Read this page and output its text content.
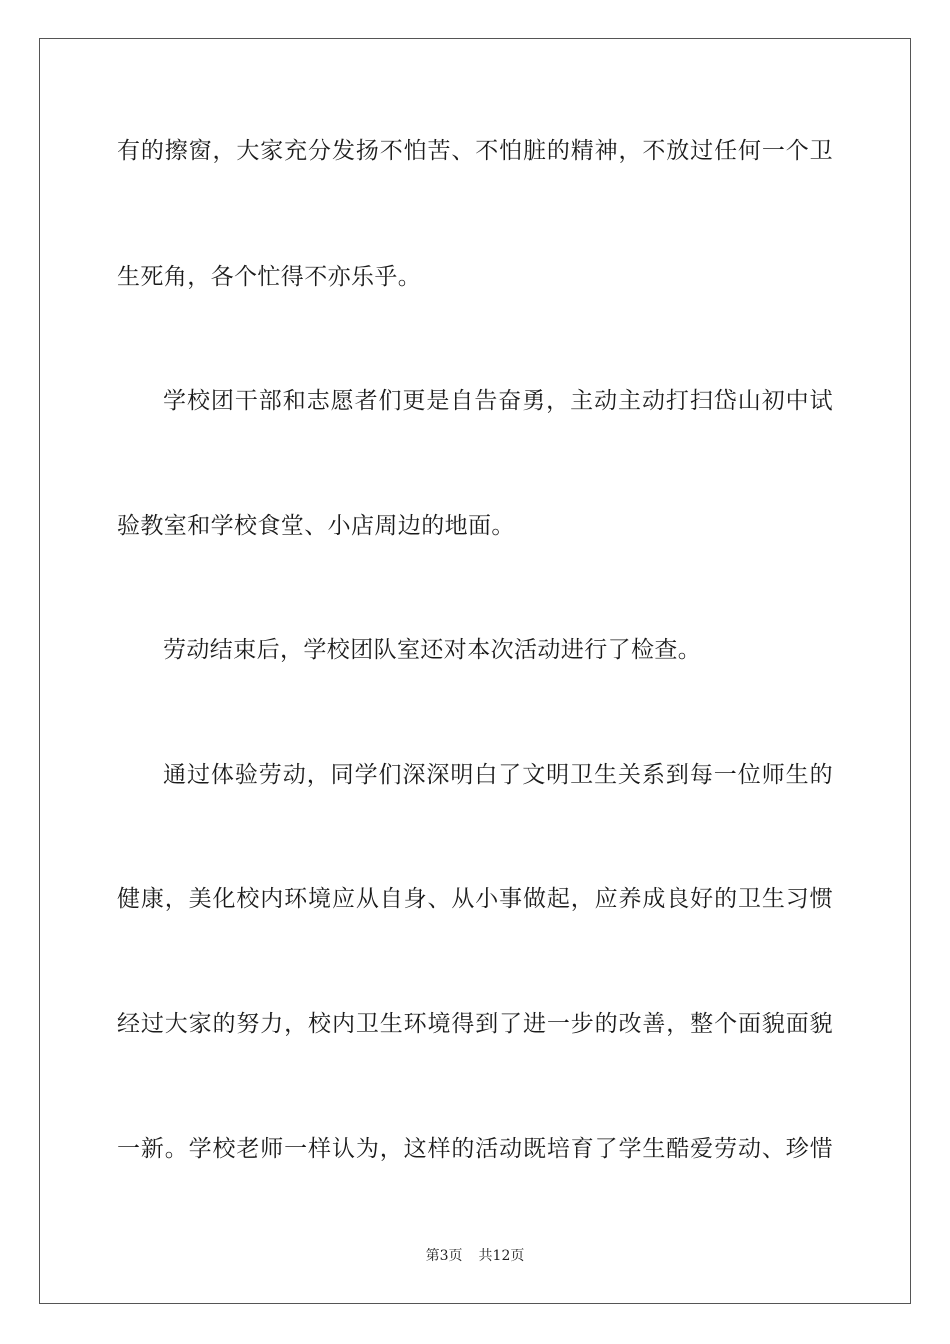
有的擦窗，大家充分发扬不怕苦、不怕脏的精神，不放过任何一个卫
生死角，各个忙得不亦乐乎。
学校团干部和志愿者们更是自告奋勇，主动主动打扫岱山初中试
验教室和学校食堂、小店周边的地面。
劳动结束后，学校团队室还对本次活动进行了检查。
通过体验劳动，同学们深深明白了文明卫生关系到每一位师生的
健康，美化校内环境应从自身、从小事做起，应养成良好的卫生习惯
经过大家的努力，校内卫生环境得到了进一步的改善，整个面貌面貌
一新。学校老师一样认为，这样的活动既培育了学生酷爱劳动、珍惜
第3页 共12页
